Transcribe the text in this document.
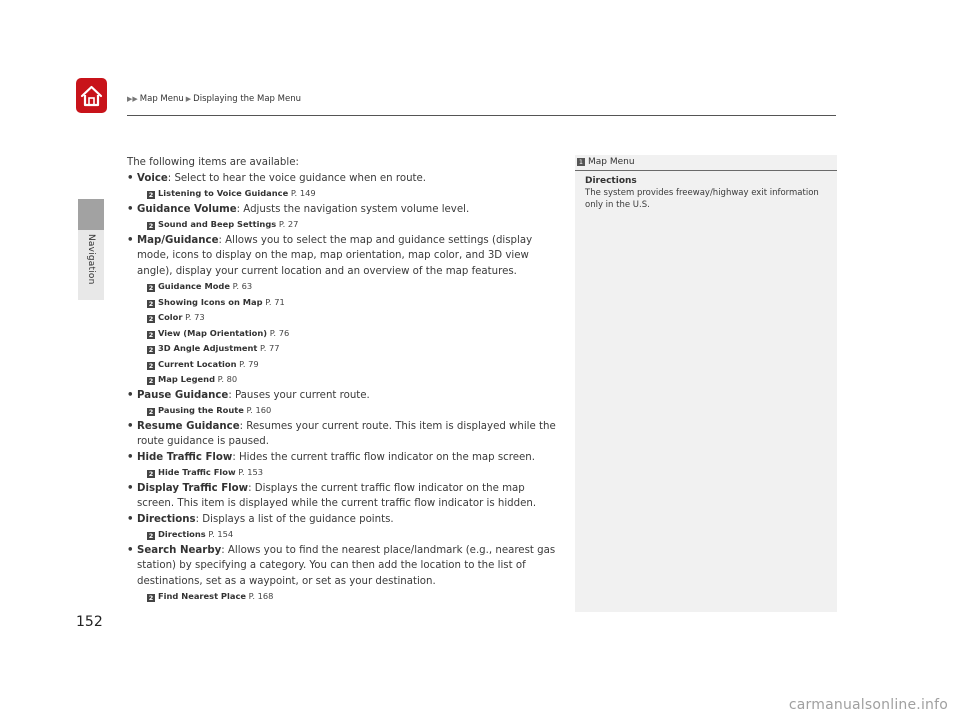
▶▶ Map Menu ▶ Displaying the Map Menu
Navigation

The following items are available:

• Voice: Select to hear the voice guidance when en route.

2 Listening to Voice Guidance P. 149

• Guidance Volume: Adjusts the navigation system volume level.

2 Sound and Beep Settings P. 27

• Map/Guidance: Allows you to select the map and guidance settings (display mode, icons to display on the map, map orientation, map color, and 3D view angle), display your current location and an overview of the map features.

2 Guidance Mode P. 63
2 Showing Icons on Map P. 71
2 Color P. 73
2 View (Map Orientation) P. 76
2 3D Angle Adjustment P. 77
2 Current Location P. 79
2 Map Legend P. 80

• Pause Guidance: Pauses your current route.

2 Pausing the Route P. 160

• Resume Guidance: Resumes your current route. This item is displayed while the route guidance is paused.

• Hide Traffic Flow: Hides the current traffic flow indicator on the map screen.

2 Hide Traffic Flow P. 153

• Display Traffic Flow: Displays the current traffic flow indicator on the map screen. This item is displayed while the current traffic flow indicator is hidden.

• Directions: Displays a list of the guidance points.

2 Directions P. 154

• Search Nearby: Allows you to find the nearest place/landmark (e.g., nearest gas station) by specifying a category. You can then add the location to the list of destinations, set as a waypoint, or set as your destination.

2 Find Nearest Place P. 168
1 Map Menu
Directions
The system provides freeway/highway exit information only in the U.S.
152
carmanualsonline.info
